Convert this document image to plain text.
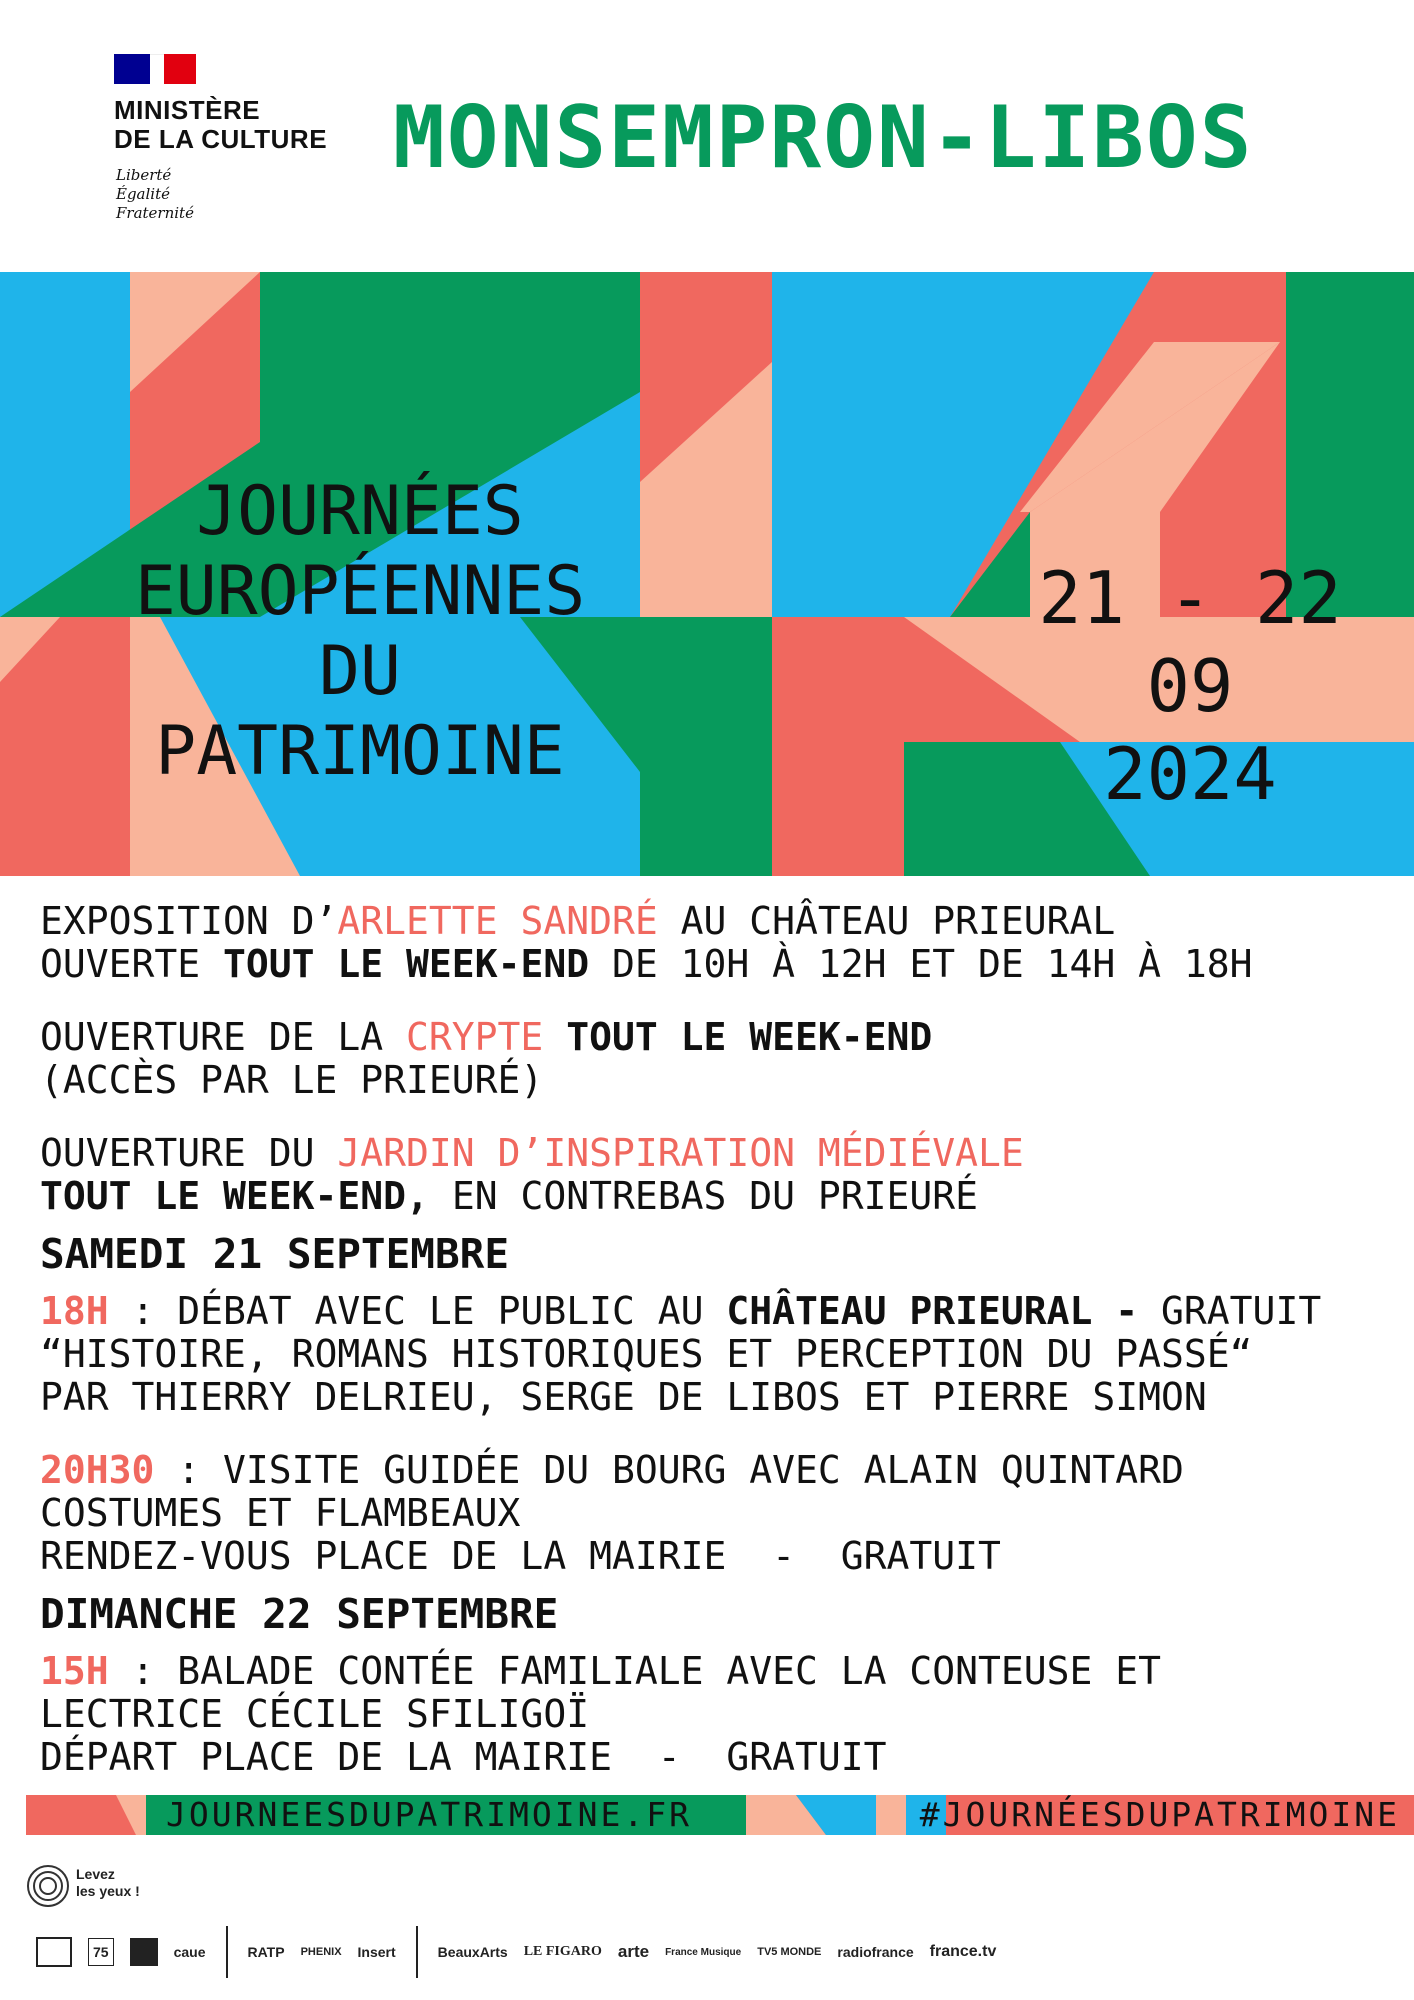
MINISTÈRE
DE LA CULTURE
Liberté
Égalité
Fraternité
MONSEMPRON-LIBOS
JOURNÉES
EUROPÉENNES
DU
PATRIMOINE
21 - 22
09
2024
EXPOSITION D’ARLETTE SANDRÉ AU CHÂTEAU PRIEURAL
OUVERTE TOUT LE WEEK-END DE 10H À 12H ET DE 14H À 18H
OUVERTURE DE LA CRYPTE TOUT LE WEEK-END
(ACCÈS PAR LE PRIEURÉ)
OUVERTURE DU JARDIN D’INSPIRATION MÉDIÉVALE
TOUT LE WEEK-END, EN CONTREBAS DU PRIEURÉ
SAMEDI 21 SEPTEMBRE
18H : DÉBAT AVEC LE PUBLIC AU CHÂTEAU PRIEURAL - GRATUIT
“HISTOIRE, ROMANS HISTORIQUES ET PERCEPTION DU PASSÉ“
PAR THIERRY DELRIEU, SERGE DE LIBOS ET PIERRE SIMON
20H30 : VISITE GUIDÉE DU BOURG AVEC ALAIN QUINTARD
COSTUMES ET FLAMBEAUX
RENDEZ-VOUS PLACE DE LA MAIRIE  -  GRATUIT
DIMANCHE 22 SEPTEMBRE
15H : BALADE CONTÉE FAMILIALE AVEC LA CONTEUSE ET
LECTRICE CÉCILE SFILIGOÏ
DÉPART PLACE DE LA MAIRIE  -  GRATUIT
JOURNEESDUPATRIMOINE.FR	#JOURNÉESDUPATRIMOINE
Levez
les yeux !
75	caue	RATP PHENIX Insert	BeauxArts LE FIGARO arte France Musique TV5 MONDE radiofrance france.tv
